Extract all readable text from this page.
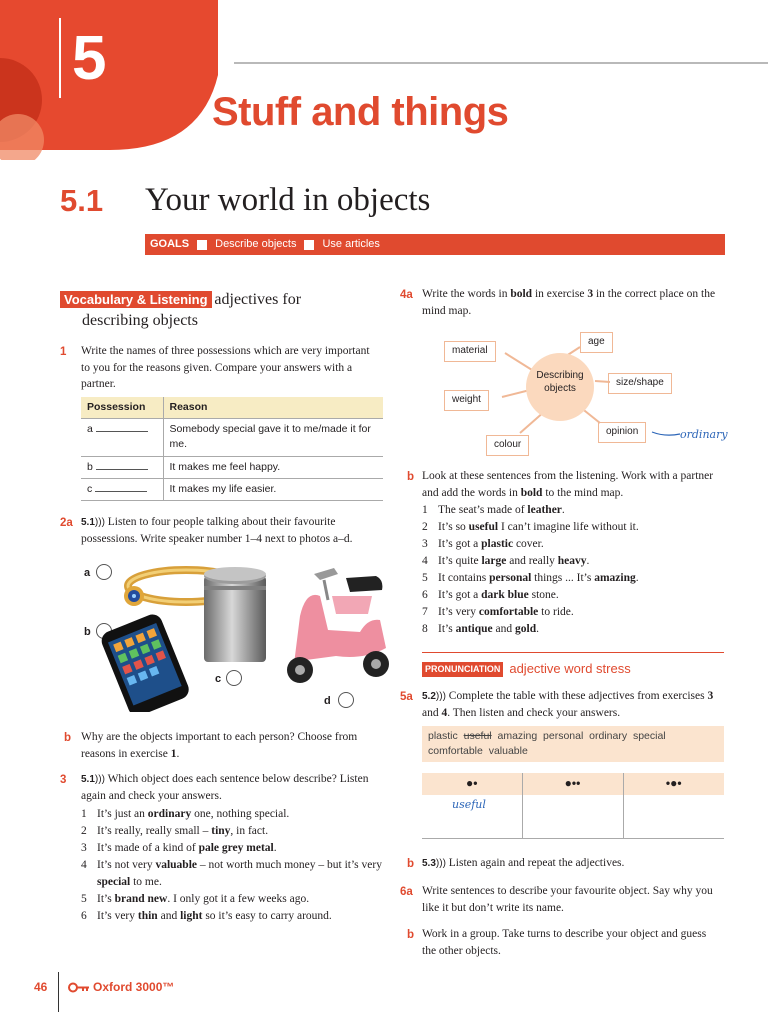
5
Stuff and things
5.1 Your world in objects
GOALS Describe objects Use articles
Vocabulary & Listening adjectives for
describing objects
1 Write the names of three possessions which are very important to you for the reasons given. Compare your answers with a partner.
Possession	Reason
a	Somebody special gave it to me/made it for me.
b	It makes me feel happy.
c	It makes my life easier.
2a 5.1))) Listen to four people talking about their favourite possessions. Write speaker number 1–4 next to photos a–d.
a
b
c
d
b Why are the objects important to each person? Choose from reasons in exercise 1.
3 5.1))) Which object does each sentence below describe? Listen again and check your answers.
1 It’s just an ordinary one, nothing special.
2 It’s really, really small – tiny, in fact.
3 It’s made of a kind of pale grey metal.
4 It’s not very valuable – not worth much money – but it’s very special to me.
5 It’s brand new. I only got it a few weeks ago.
6 It’s very thin and light so it’s easy to carry around.
46	Oxford 3000™
4a Write the words in bold in exercise 3 in the correct place on the mind map.
Describing objects
material
age
size/shape
weight
opinion
colour
ordinary
b Look at these sentences from the listening. Work with a partner and add the words in bold to the mind map.
1 The seat’s made of leather.
2 It’s so useful I can’t imagine life without it.
3 It’s got a plastic cover.
4 It’s quite large and really heavy.
5 It contains personal things ... It’s amazing.
6 It’s got a dark blue stone.
7 It’s very comfortable to ride.
8 It’s antique and gold.
PRONUNCIATION adjective word stress
5a 5.2))) Complete the table with these adjectives from exercises 3 and 4. Then listen and check your answers.
plastic useful amazing personal ordinary special
comfortable valuable
●•	●••	•●•
useful		
b 5.3))) Listen again and repeat the adjectives.
6a Write sentences to describe your favourite object. Say why you like it but don’t write its name.
b Work in a group. Take turns to describe your object and guess the other objects.
